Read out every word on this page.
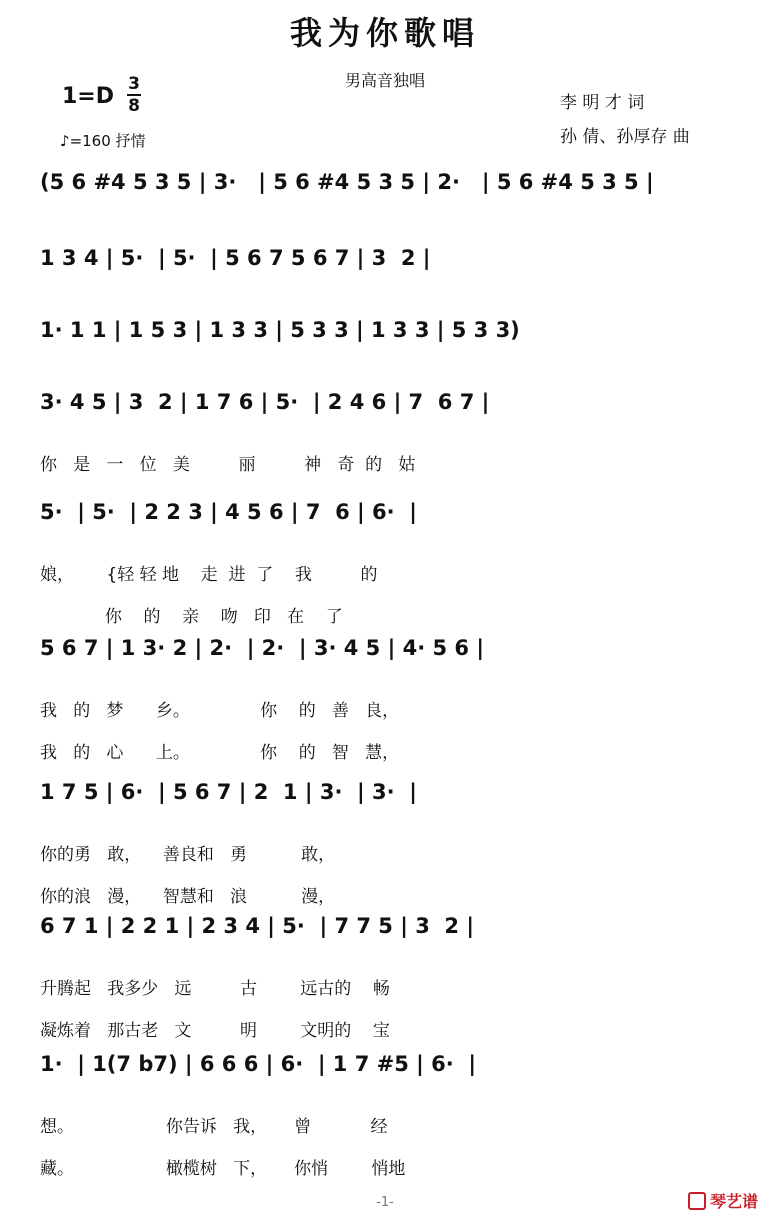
我为你歌唱
男高音独唱
1=D 3
8
♪=160 抒情
李 明 才 词
孙 倩、孙厚存 曲
(5 6 #4 5 3 5 | 3·   | 5 6 #4 5 3 5 | 2·   | 5 6 #4 5 3 5 |
1 3 4 | 5·  | 5·  | 5 6 7 5 6 7 | 3  2 |
1· 1 1 | 1 5 3 | 1 3 3 | 5 3 3 | 1 3 3 | 5 3 3)
3· 4 5 | 3  2 | 1 7 6 | 5·  | 2 4 6 | 7  6 7 |
你   是   一   位   美         丽         神   奇  的   姑
5·  | 5·  | 2 2 3 | 4 5 6 | 7  6 | 6·  |
娘，      {轻 轻 地    走  进  了    我         的
你    的    亲    吻   印   在    了
5 6 7 | 1 3· 2 | 2·  | 2·  | 3· 4 5 | 4· 5 6 |
我   的   梦      乡。             你    的   善   良，
我   的   心      上。             你    的   智   慧，
1 7 5 | 6·  | 5 6 7 | 2  1 | 3·  | 3·  |
你的勇   敢，    善良和   勇          敢，
你的浪   漫，    智慧和   浪          漫，
6 7 1 | 2 2 1 | 2 3 4 | 5·  | 7 7 5 | 3  2 |
升腾起   我多少   远         古        远古的    畅
凝炼着   那古老   文         明        文明的    宝
1·  | 1(7 b7) | 6 6 6 | 6·  | 1 7 #5 | 6·  |
想。                 你告诉   我，     曾           经
藏。                 橄榄树   下，     你悄        悄地
-1-	琴艺谱
